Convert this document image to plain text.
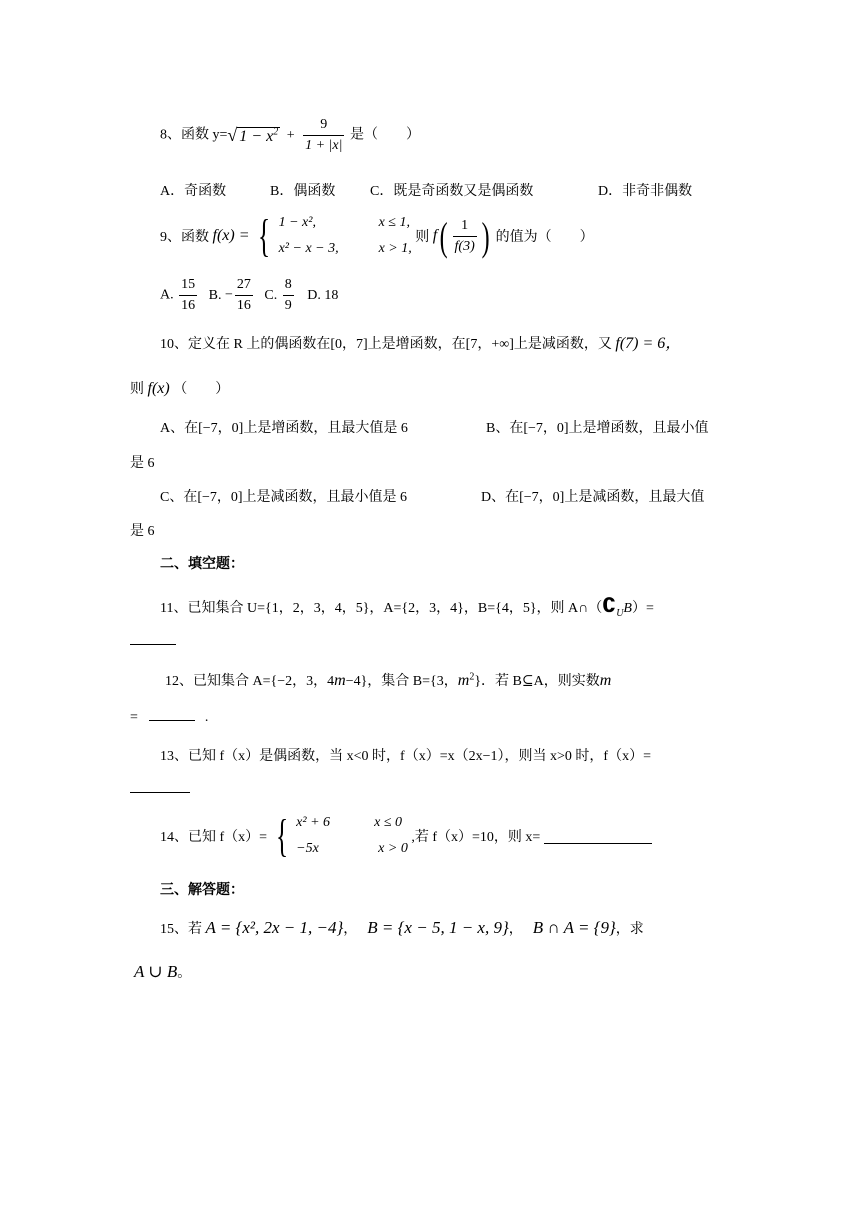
8、函数 y=√ $1 - x^2 + \frac{9}{1 + |x|}$ 是（　　）
A．奇函数	B．偶函数 C．既是奇函数又是偶函数	D．非奇非偶数
9、函数 f(x) = { 1 − x²,	x ≤ 1,
x² − x − 3,	x > 1,
则 $f( \frac{1}{f(3)}$ ) 的值为（　　）
A. $\frac{15}{16} B$. − $\frac{27}{16} C$. $\frac{8}{9} D$. 18
10、定义在 R 上的偶函数在[0，7]上是增函数，在[7，+∞]上是减函数，又 f(7) = 6，
则 f(x) （　　）
A、在[−7，0]上是增函数，且最大值是 6	B、在[−7，0]上是增函数，且最小值
是 6
C、在[−7，0]上是减函数，且最小值是 6	D、在[−7，0]上是减函数，且最大值
是 6
二、填空题：
11、已知集合 U={1，2，3，4，5}，A={2，3，4}，B={4，5}，则 $A\cap(∁_UB)=$
12、已知集合 A={−2，3，4m−4}，集合 B={3，$m^2$}．若 B⊆A，则实数m
=	.
13、已知 f（x）是偶函数，当 x<0 时，f（x）=x（2x−1），则当 x>0 时，f（x）=
14、已知 f（x）= { x² + 6	x ≤ 0
−5x	x > 0
,若 f（x）=10，则 x=
三、解答题：
15、若 A = {x², 2x − 1, −4}， B = {x − 5, 1 − x, 9}， B ∩ A = {9}，求
A ∪ B。
